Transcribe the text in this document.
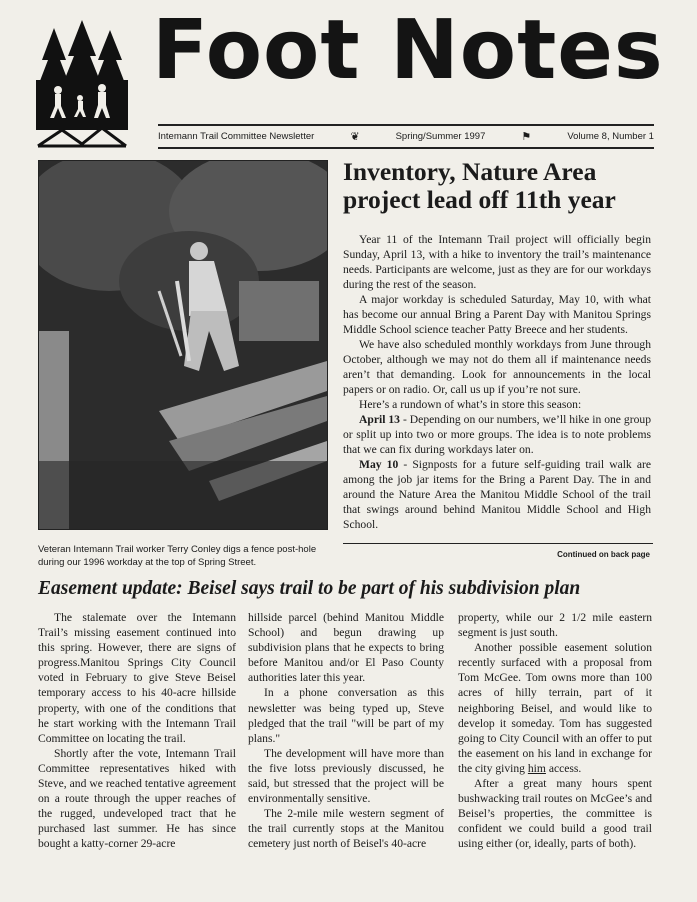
Foot Notes
Intemann Trail Committee Newsletter	❦	Spring/Summer 1997	⚑	Volume 8, Number 1
Veteran Intemann Trail worker Terry Conley digs a fence post-hole during our 1996 workday at the top of Spring Street.
Inventory, Nature Area project lead off 11th year

Year 11 of the Intemann Trail project will officially begin Sunday, April 13, with a hike to inventory the trail’s maintenance needs. Participants are welcome, just as they are for our workdays during the rest of the season.

A major workday is scheduled Saturday, May 10, with what has become our annual Bring a Parent Day with Manitou Springs Middle School science teacher Patty Breece and her students.

We have also scheduled monthly workdays from June through October, although we may not do them all if maintenance needs aren’t that demanding. Look for announcements in the local papers or on radio. Or, call us up if you’re not sure.

Here’s a rundown of what’s in store this season:

April 13 - Depending on our numbers, we’ll hike in one group or split up into two or more groups. The idea is to note problems that we can fix during workdays later on.

May 10 - Signposts for a future self-guiding trail walk are among the job jar items for the Bring a Parent Day. The in and around the Nature Area the Manitou Middle School of the trail that swings around behind Manitou Middle School and High School.

Continued on back page
Easement update: Beisel says trail to be part of his subdivision plan

The stalemate over the Intemann Trail’s missing easement continued into this spring. However, there are signs of progress.Manitou Springs City Council voted in February to give Steve Beisel temporary access to his 40-acre hillside property, with one of the conditions that he start working with the Intemann Trail Committee on locating the trail.

Shortly after the vote, Intemann Trail Committee representatives hiked with Steve, and we reached tentative agreement on a route through the upper reaches of the rugged, undeveloped tract that he purchased last summer. He has since bought a katty-corner 29-acre

hillside parcel (behind Manitou Middle School) and begun drawing up subdivision plans that he expects to bring before Manitou and/or El Paso County authorities later this year.

In a phone conversation as this newsletter was being typed up, Steve pledged that the trail "will be part of my plans."

The development will have more than the five lotss previously discussed, he said, but stressed that the project will be environmentally sensitive.

The 2-mile mile western segment of the trail currently stops at the Manitou cemetery just north of Beisel's 40-acre

property, while our 2 1/2 mile eastern segment is just south.

Another possible easement solution recently surfaced with a proposal from Tom McGee. Tom owns more than 100 acres of hilly terrain, part of it neighboring Beisel, and would like to develop it someday. Tom has suggested going to City Council with an offer to put the easement on his land in exchange for the city giving him access.

After a great many hours spent bushwacking trail routes on McGee’s and Beisel’s properties, the committee is confident we could build a good trail using either (or, ideally, parts of both).
